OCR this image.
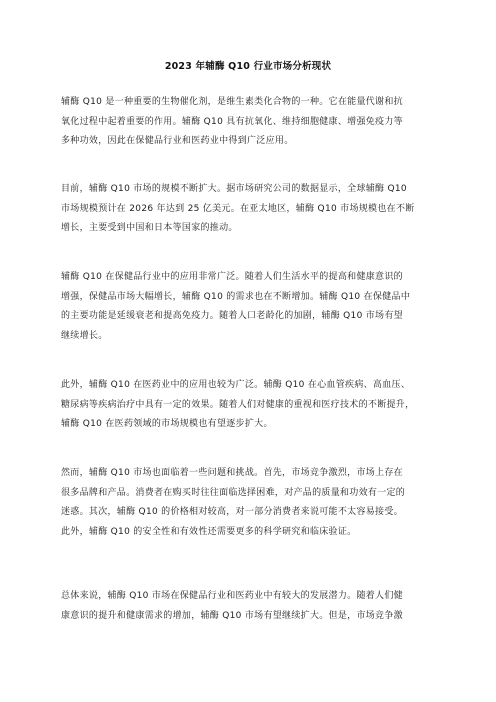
2023 年辅酶 Q10 行业市场分析现状
辅酶 Q10 是一种重要的生物催化剂，是维生素类化合物的一种。它在能量代谢和抗
氧化过程中起着重要的作用。辅酶 Q10 具有抗氧化、维持细胞健康、增强免疫力等
多种功效，因此在保健品行业和医药业中得到广泛应用。
目前，辅酶 Q10 市场的规模不断扩大。据市场研究公司的数据显示，全球辅酶 Q10
市场规模预计在 2026 年达到 25 亿美元。在亚太地区，辅酶 Q10 市场规模也在不断
增长，主要受到中国和日本等国家的推动。
辅酶 Q10 在保健品行业中的应用非常广泛。随着人们生活水平的提高和健康意识的
增强，保健品市场大幅增长，辅酶 Q10 的需求也在不断增加。辅酶 Q10 在保健品中
的主要功能是延缓衰老和提高免疫力。随着人口老龄化的加剧，辅酶 Q10 市场有望
继续增长。
此外，辅酶 Q10 在医药业中的应用也较为广泛。辅酶 Q10 在心血管疾病、高血压、
糖尿病等疾病治疗中具有一定的效果。随着人们对健康的重视和医疗技术的不断提升，
辅酶 Q10 在医药领域的市场规模也有望逐步扩大。
然而，辅酶 Q10 市场也面临着一些问题和挑战。首先，市场竞争激烈，市场上存在
很多品牌和产品。消费者在购买时往往面临选择困难，对产品的质量和功效有一定的
迷惑。其次，辅酶 Q10 的价格相对较高，对一部分消费者来说可能不太容易接受。
此外，辅酶 Q10 的安全性和有效性还需要更多的科学研究和临床验证。
总体来说，辅酶 Q10 市场在保健品行业和医药业中有较大的发展潜力。随着人们健
康意识的提升和健康需求的增加，辅酶 Q10 市场有望继续扩大。但是，市场竞争激
